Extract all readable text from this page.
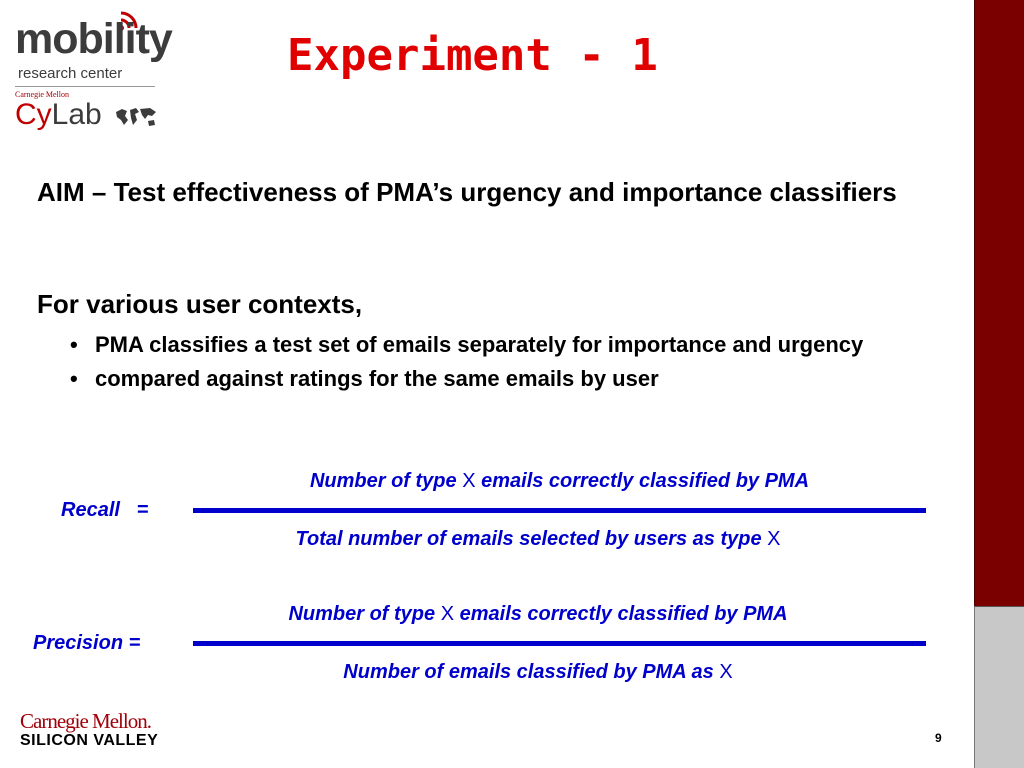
mobility
research center
Carnegie Mellon
CyLab
Experiment - 1
AIM – Test effectiveness of PMA’s urgency and importance classifiers
For various user contexts,
• PMA classifies a test set of emails separately for importance and urgency
• compared against ratings for the same emails by user
Recall   =
Number of type X emails correctly classified by PMA
Total number of emails selected by users as type X
Precision =
Number of type X emails correctly classified by PMA
Number of emails classified by PMA as X
Carnegie Mellon.
SILICON VALLEY	9
